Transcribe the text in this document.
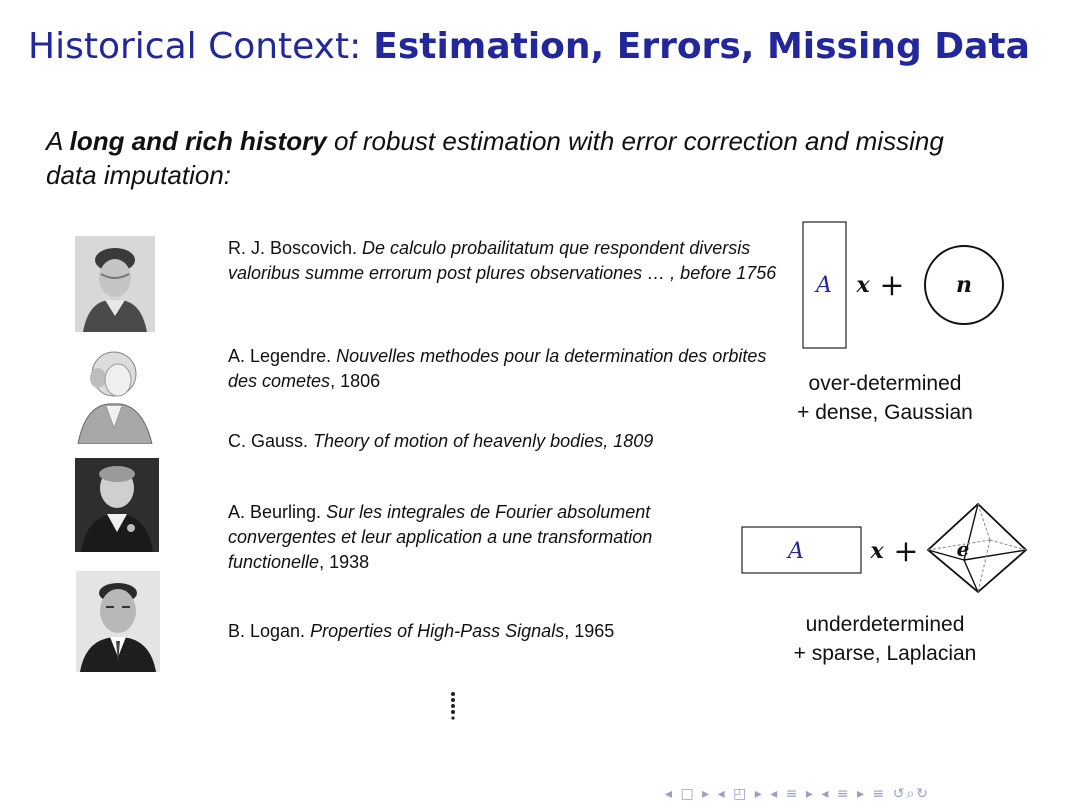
Historical Context: Estimation, Errors, Missing Data
A long and rich history of robust estimation with error correction and missing data imputation:
R. J. Boscovich. De calculo probailitatum que respondent diversis valoribus summe errorum post plures observationes … , before 1756
A. Legendre. Nouvelles methodes pour la determination des orbites des cometes, 1806
C. Gauss. Theory of motion of heavenly bodies, 1809
A. Beurling. Sur les integrales de Fourier absolument convergentes et leur application a une transformation functionelle, 1938
B. Logan. Properties of High-Pass Signals, 1965
A x + n
over-determined
+ dense, Gaussian
A	x + e
underdetermined
+ sparse, Laplacian
◂ □ ▸ ◂ ◰ ▸ ◂ ≡ ▸ ◂ ≡ ▸ ≡ ↺⌕↻
